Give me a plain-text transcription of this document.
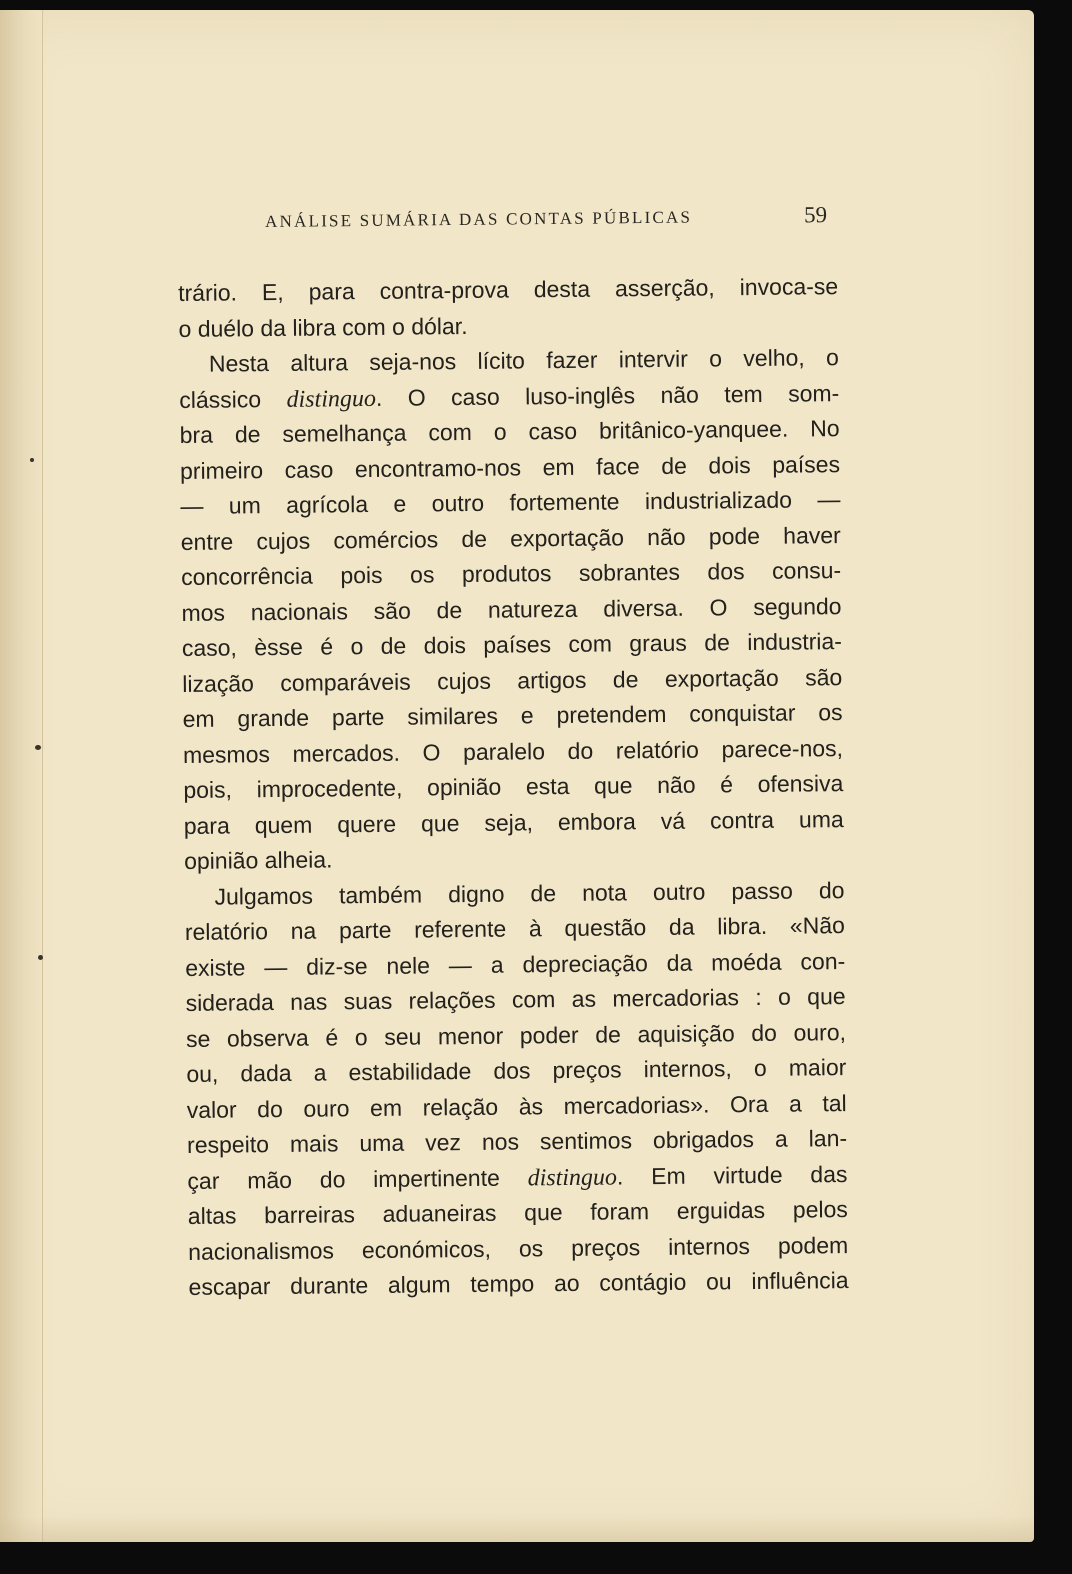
ANÁLISE SUMÁRIA DAS CONTAS PÚBLICAS	59
trário. E, para contra-prova desta asserção, invoca-se
o duélo da libra com o dólar.
Nesta altura seja-nos lícito fazer intervir o velho, o
clássico distinguo. O caso luso-inglês não tem som-
bra de semelhança com o caso britânico-yanquee. No
primeiro caso encontramo-nos em face de dois países
— um agrícola e outro fortemente industrializado —
entre cujos comércios de exportação não pode haver
concorrência pois os produtos sobrantes dos consu-
mos nacionais são de natureza diversa. O segundo
caso, èsse é o de dois países com graus de industria-
lização comparáveis cujos artigos de exportação são
em grande parte similares e pretendem conquistar os
mesmos mercados. O paralelo do relatório parece-nos,
pois, improcedente, opinião esta que não é ofensiva
para quem quere que seja, embora vá contra uma
opinião alheia.
Julgamos também digno de nota outro passo do
relatório na parte referente à questão da libra. «Não
existe — diz-se nele — a depreciação da moéda con-
siderada nas suas relações com as mercadorias : o que
se observa é o seu menor poder de aquisição do ouro,
ou, dada a estabilidade dos preços internos, o maior
valor do ouro em relação às mercadorias». Ora a tal
respeito mais uma vez nos sentimos obrigados a lan-
çar mão do impertinente distinguo. Em virtude das
altas barreiras aduaneiras que foram erguidas pelos
nacionalismos económicos, os preços internos podem
escapar durante algum tempo ao contágio ou influência
